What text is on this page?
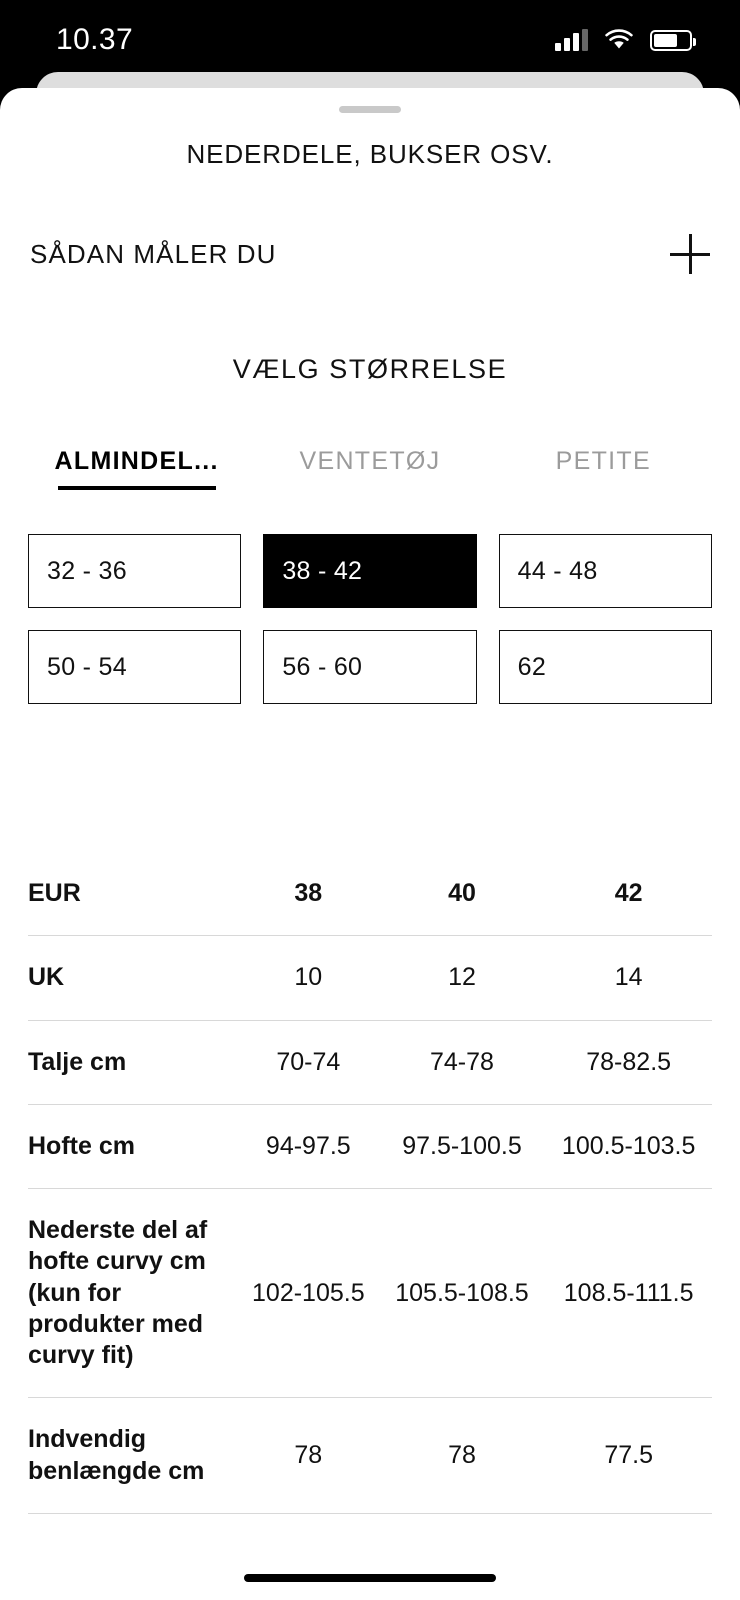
10.37
NEDERDELE, BUKSER OSV.
SÅDAN MÅLER DU
VÆLG STØRRELSE
ALMINDEL...	VENTETØJ	PETITE
32 - 36	38 - 42	44 - 48
50 - 54	56 - 60	62
EUR	38	40	42
UK	10	12	14
Talje cm	70-74	74-78	78-82.5
Hofte cm	94-97.5	97.5-100.5	100.5-103.5
Nederste del af hofte curvy cm (kun for produkter med curvy fit)	102-105.5	105.5-108.5	108.5-111.5
Indvendig benlængde cm	78	78	77.5
